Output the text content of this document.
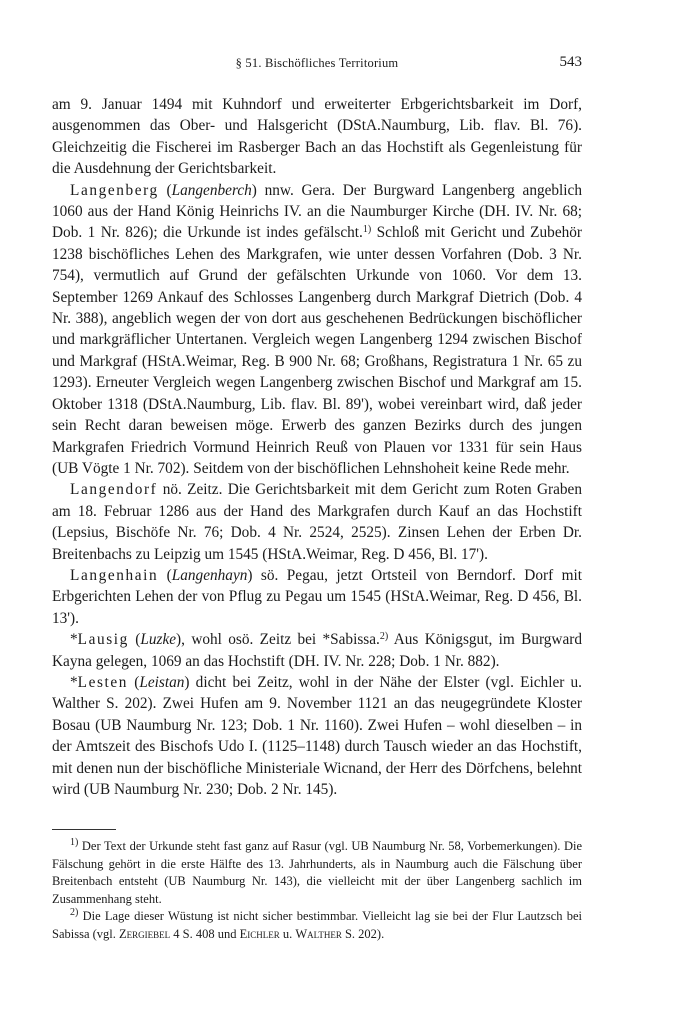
§ 51. Bischöfliches Territorium	543

am 9. Januar 1494 mit Kuhndorf und erweiterter Erbgerichtsbarkeit im Dorf, ausgenommen das Ober- und Halsgericht (DStA.Naumburg, Lib. flav. Bl. 76). Gleichzeitig die Fischerei im Rasberger Bach an das Hochstift als Gegenleistung für die Ausdehnung der Gerichtsbarkeit.

Langenberg (Langenberch) nnw. Gera. Der Burgward Langenberg angeblich 1060 aus der Hand König Heinrichs IV. an die Naumburger Kirche (DH. IV. Nr. 68; Dob. 1 Nr. 826); die Urkunde ist indes gefälscht.$^{1)}$ Schloß mit Gericht und Zubehör 1238 bischöfliches Lehen des Markgrafen, wie unter dessen Vorfahren (Dob. 3 Nr. 754), vermutlich auf Grund der gefälschten Urkunde von 1060. Vor dem 13. September 1269 Ankauf des Schlosses Langenberg durch Markgraf Dietrich (Dob. 4 Nr. 388), angeblich wegen der von dort aus geschehenen Bedrückungen bischöflicher und markgräflicher Untertanen. Vergleich wegen Langenberg 1294 zwischen Bischof und Markgraf (HStA.Weimar, Reg. B 900 Nr. 68; Großhans, Registratura 1 Nr. 65 zu 1293). Erneuter Vergleich wegen Langenberg zwischen Bischof und Markgraf am 15. Oktober 1318 (DStA.Naumburg, Lib. flav. Bl. 89'), wobei vereinbart wird, daß jeder sein Recht daran beweisen möge. Erwerb des ganzen Bezirks durch des jungen Markgrafen Friedrich Vormund Heinrich Reuß von Plauen vor 1331 für sein Haus (UB Vögte 1 Nr. 702). Seitdem von der bischöflichen Lehnshoheit keine Rede mehr.

Langendorf nö. Zeitz. Die Gerichtsbarkeit mit dem Gericht zum Roten Graben am 18. Februar 1286 aus der Hand des Markgrafen durch Kauf an das Hochstift (Lepsius, Bischöfe Nr. 76; Dob. 4 Nr. 2524, 2525). Zinsen Lehen der Erben Dr. Breitenbachs zu Leipzig um 1545 (HStA.Weimar, Reg. D 456, Bl. 17').

Langenhain (Langenhayn) sö. Pegau, jetzt Ortsteil von Berndorf. Dorf mit Erbgerichten Lehen der von Pflug zu Pegau um 1545 (HStA.Weimar, Reg. D 456, Bl. 13').

*Lausig (Luzke), wohl osö. Zeitz bei *Sabissa.$^{2)}$ Aus Königsgut, im Burgward Kayna gelegen, 1069 an das Hochstift (DH. IV. Nr. 228; Dob. 1 Nr. 882).

*Lesten (Leistan) dicht bei Zeitz, wohl in der Nähe der Elster (vgl. Eichler u. Walther S. 202). Zwei Hufen am 9. November 1121 an das neugegründete Kloster Bosau (UB Naumburg Nr. 123; Dob. 1 Nr. 1160). Zwei Hufen – wohl dieselben – in der Amtszeit des Bischofs Udo I. (1125–1148) durch Tausch wieder an das Hochstift, mit denen nun der bischöfliche Ministeriale Wicnand, der Herr des Dörfchens, belehnt wird (UB Naumburg Nr. 230; Dob. 2 Nr. 145).

$^{1)}$ Der Text der Urkunde steht fast ganz auf Rasur (vgl. UB Naumburg Nr. 58, Vorbemerkungen). Die Fälschung gehört in die erste Hälfte des 13. Jahrhunderts, als in Naumburg auch die Fälschung über Breitenbach entsteht (UB Naumburg Nr. 143), die vielleicht mit der über Langenberg sachlich im Zusammenhang steht.

$^{2)}$ Die Lage dieser Wüstung ist nicht sicher bestimmbar. Vielleicht lag sie bei der Flur Lautzsch bei Sabissa (vgl. Zergiebel 4 S. 408 und Eichler u. Walther S. 202).
